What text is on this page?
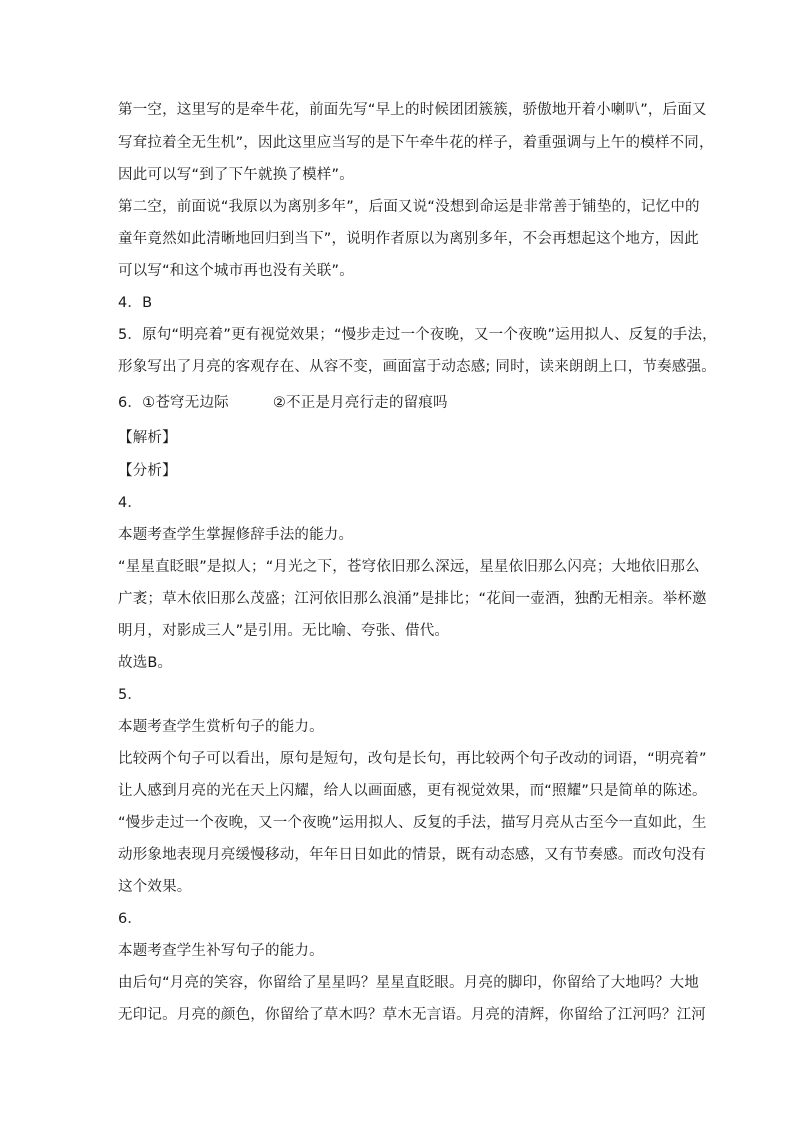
第一空，这里写的是牵牛花，前面先写“早上的时候团团簇簇，骄傲地开着小喇叭”，后面又
写耷拉着全无生机”，因此这里应当写的是下午牵牛花的样子，着重强调与上午的模样不同，
因此可以写“到了下午就换了模样”。
第二空，前面说“我原以为离别多年”，后面又说“没想到命运是非常善于铺垫的，记忆中的
童年竟然如此清晰地回归到当下”，说明作者原以为离别多年，不会再想起这个地方，因此
可以写“和这个城市再也没有关联”。
4．B
5．原句“明亮着”更有视觉效果；“慢步走过一个夜晚，又一个夜晚”运用拟人、反复的手法，
形象写出了月亮的客观存在、从容不变，画面富于动态感; 同时，读来朗朗上口，节奏感强。
6．①苍穹无边际	②不正是月亮行走的留痕吗
【解析】
【分析】
4．
本题考查学生掌握修辞手法的能力。
“星星直眨眼”是拟人；“月光之下，苍穹依旧那么深远，星星依旧那么闪亮；大地依旧那么
广袤；草木依旧那么茂盛；江河依旧那么浪涌”是排比；“花间一壶酒，独酌无相亲。举杯邀
明月，对影成三人”是引用。无比喻、夸张、借代。
故选B。
5．
本题考查学生赏析句子的能力。
比较两个句子可以看出，原句是短句，改句是长句，再比较两个句子改动的词语，“明亮着”
让人感到月亮的光在天上闪耀，给人以画面感，更有视觉效果，而“照耀”只是简单的陈述。
“慢步走过一个夜晚，又一个夜晚”运用拟人、反复的手法，描写月亮从古至今一直如此，生
动形象地表现月亮缓慢移动，年年日日如此的情景，既有动态感，又有节奏感。而改句没有
这个效果。
6．
本题考查学生补写句子的能力。
由后句“月亮的笑容，你留给了星星吗？星星直眨眼。月亮的脚印，你留给了大地吗？大地
无印记。月亮的颜色，你留给了草木吗？草木无言语。月亮的清辉，你留给了江河吗？江河
